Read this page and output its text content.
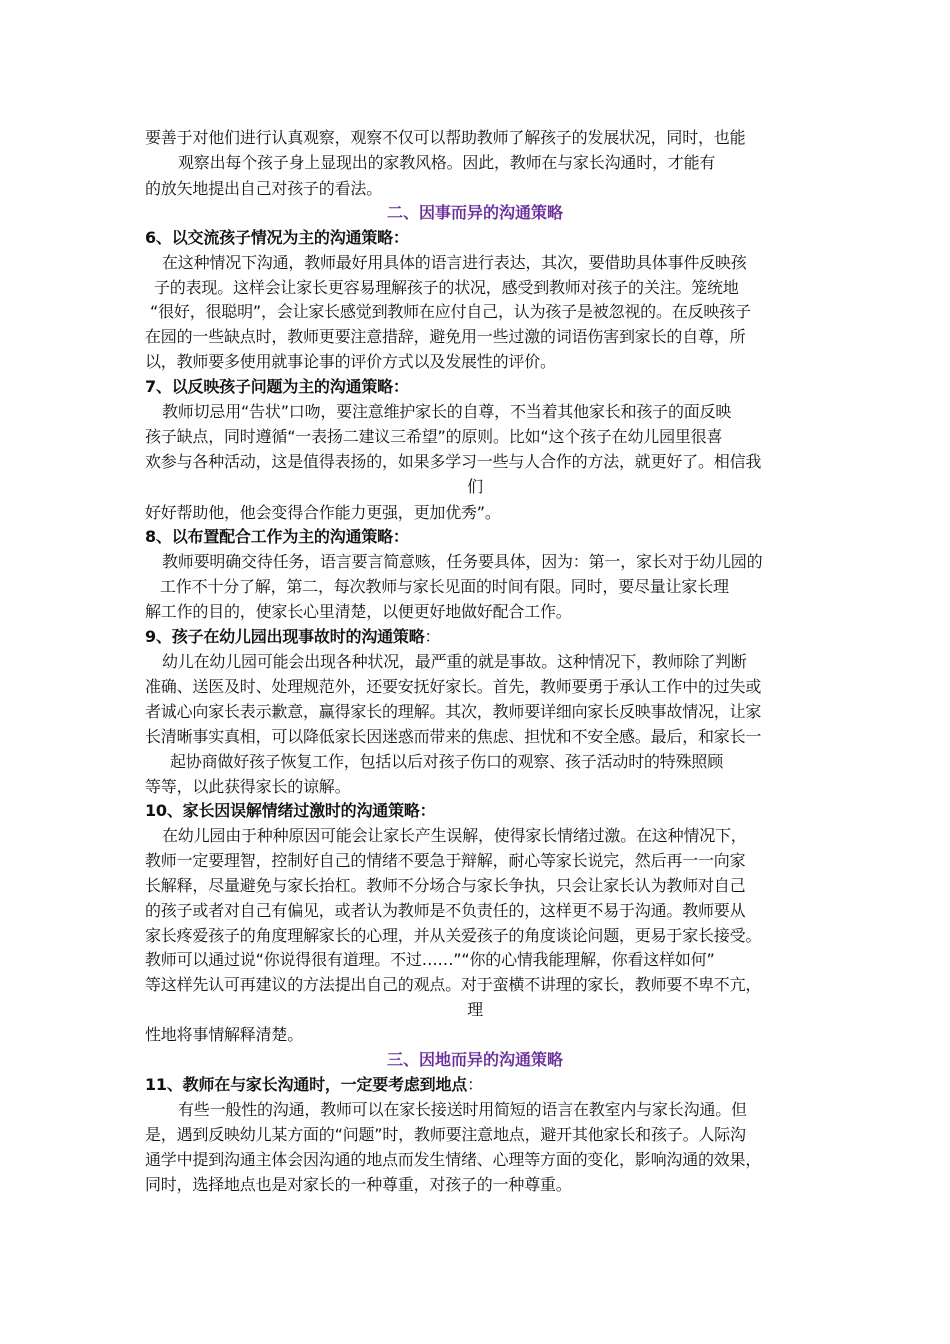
要善于对他们进行认真观察，观察不仅可以帮助教师了解孩子的发展状况，同时，也能
观察出每个孩子身上显现出的家教风格。因此，教师在与家长沟通时，才能有
的放矢地提出自己对孩子的看法。
二、因事而异的沟通策略
6、以交流孩子情况为主的沟通策略：
在这种情况下沟通，教师最好用具体的语言进行表达，其次，要借助具体事件反映孩
子的表现。这样会让家长更容易理解孩子的状况，感受到教师对孩子的关注。笼统地
“很好，很聪明”，会让家长感觉到教师在应付自己，认为孩子是被忽视的。在反映孩子
在园的一些缺点时，教师更要注意措辞，避免用一些过激的词语伤害到家长的自尊，所
以，教师要多使用就事论事的评价方式以及发展性的评价。
7、以反映孩子问题为主的沟通策略：
教师切忌用“告状”口吻，要注意维护家长的自尊，不当着其他家长和孩子的面反映
孩子缺点，同时遵循“一表扬二建议三希望”的原则。比如“这个孩子在幼儿园里很喜
欢参与各种活动，这是值得表扬的，如果多学习一些与人合作的方法，就更好了。相信我
们
好好帮助他，他会变得合作能力更强，更加优秀”。
8、以布置配合工作为主的沟通策略：
教师要明确交待任务，语言要言简意赅，任务要具体，因为：第一，家长对于幼儿园的
工作不十分了解，第二，每次教师与家长见面的时间有限。同时，要尽量让家长理
解工作的目的，使家长心里清楚，以便更好地做好配合工作。
9、孩子在幼儿园出现事故时的沟通策略：
幼儿在幼儿园可能会出现各种状况，最严重的就是事故。这种情况下，教师除了判断
准确、送医及时、处理规范外，还要安抚好家长。首先，教师要勇于承认工作中的过失或
者诚心向家长表示歉意，赢得家长的理解。其次，教师要详细向家长反映事故情况，让家
长清晰事实真相，可以降低家长因迷惑而带来的焦虑、担忧和不安全感。最后，和家长一
起协商做好孩子恢复工作，包括以后对孩子伤口的观察、孩子活动时的特殊照顾
等等，以此获得家长的谅解。
10、家长因误解情绪过激时的沟通策略：
在幼儿园由于种种原因可能会让家长产生误解，使得家长情绪过激。在这种情况下，
教师一定要理智，控制好自己的情绪不要急于辩解，耐心等家长说完，然后再一一向家
长解释，尽量避免与家长抬杠。教师不分场合与家长争执，只会让家长认为教师对自己
的孩子或者对自己有偏见，或者认为教师是不负责任的，这样更不易于沟通。教师要从
家长疼爱孩子的角度理解家长的心理，并从关爱孩子的角度谈论问题，更易于家长接受。
教师可以通过说“你说得很有道理。不过……”“你的心情我能理解，你看这样如何”
等这样先认可再建议的方法提出自己的观点。对于蛮横不讲理的家长，教师要不卑不亢，
理
性地将事情解释清楚。
三、因地而异的沟通策略
11、教师在与家长沟通时，一定要考虑到地点：
有些一般性的沟通，教师可以在家长接送时用简短的语言在教室内与家长沟通。但
是，遇到反映幼儿某方面的“问题”时，教师要注意地点，避开其他家长和孩子。人际沟
通学中提到沟通主体会因沟通的地点而发生情绪、心理等方面的变化，影响沟通的效果，
同时，选择地点也是对家长的一种尊重，对孩子的一种尊重。
